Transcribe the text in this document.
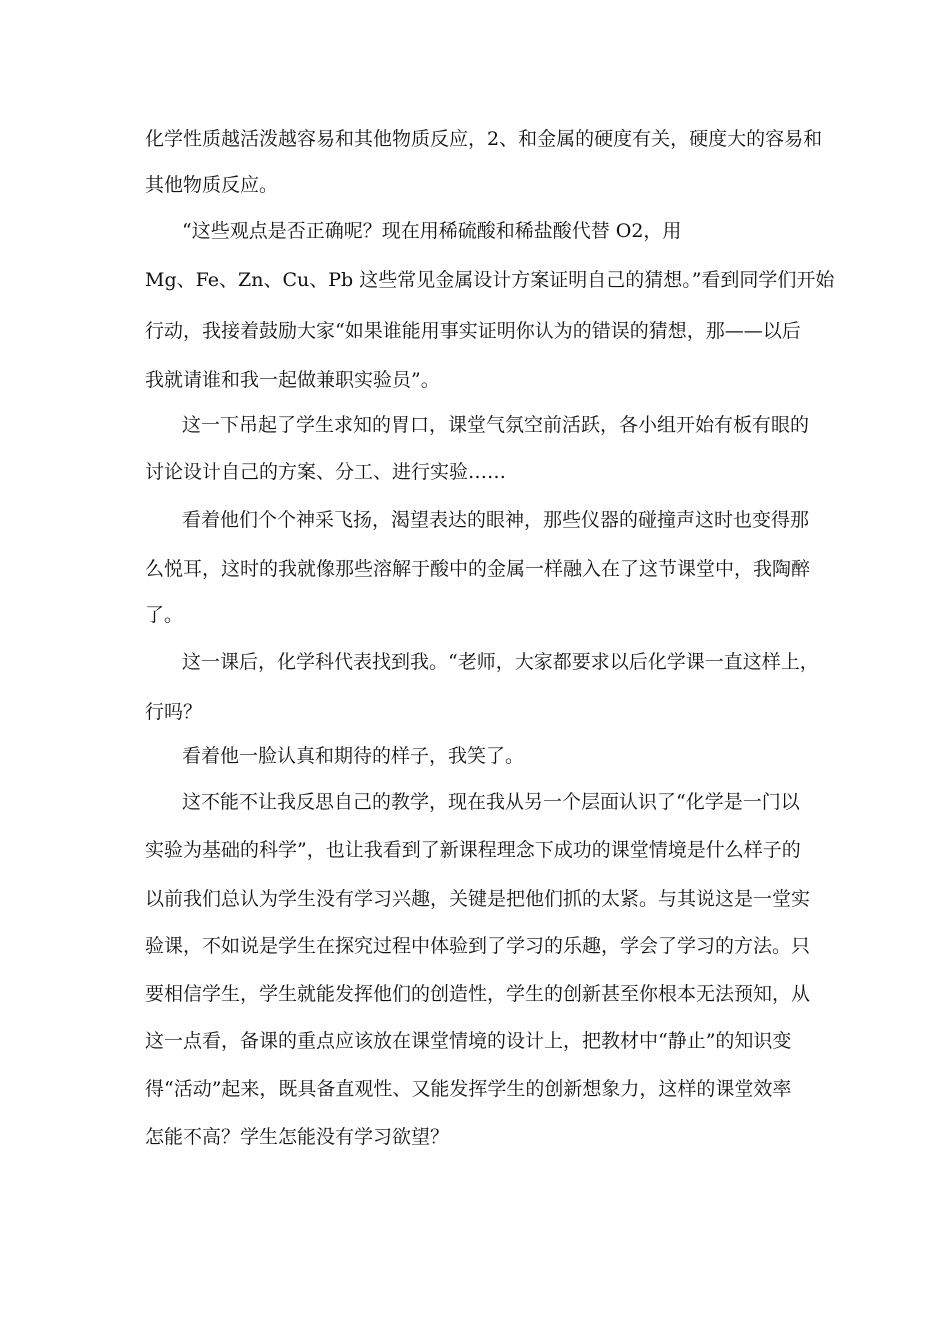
化学性质越活泼越容易和其他物质反应，2、和金属的硬度有关，硬度大的容易和
其他物质反应。
“这些观点是否正确呢？现在用稀硫酸和稀盐酸代替 O2，用
Mg、Fe、Zn、Cu、Pb 这些常见金属设计方案证明自己的猜想。”看到同学们开始
行动，我接着鼓励大家“如果谁能用事实证明你认为的错误的猜想，那——以后
我就请谁和我一起做兼职实验员”。
这一下吊起了学生求知的胃口，课堂气氛空前活跃，各小组开始有板有眼的
讨论设计自己的方案、分工、进行实验……
看着他们个个神采飞扬，渴望表达的眼神，那些仪器的碰撞声这时也变得那
么悦耳，这时的我就像那些溶解于酸中的金属一样融入在了这节课堂中，我陶醉
了。
这一课后，化学科代表找到我。“老师，大家都要求以后化学课一直这样上，
行吗？
看着他一脸认真和期待的样子，我笑了。
这不能不让我反思自己的教学，现在我从另一个层面认识了“化学是一门以
实验为基础的科学”，也让我看到了新课程理念下成功的课堂情境是什么样子的
以前我们总认为学生没有学习兴趣，关键是把他们抓的太紧。与其说这是一堂实
验课，不如说是学生在探究过程中体验到了学习的乐趣，学会了学习的方法。只
要相信学生，学生就能发挥他们的创造性，学生的创新甚至你根本无法预知，从
这一点看，备课的重点应该放在课堂情境的设计上，把教材中“静止”的知识变
得“活动”起来，既具备直观性、又能发挥学生的创新想象力，这样的课堂效率
怎能不高？学生怎能没有学习欲望？
